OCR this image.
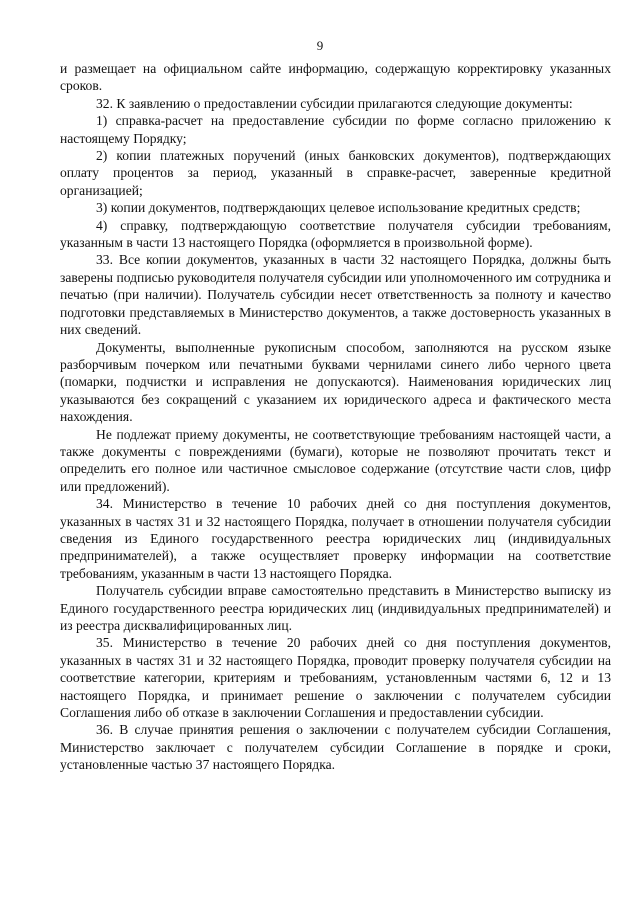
9

и размещает на официальном сайте информацию, содержащую корректировку указанных сроков.

32. К заявлению о предоставлении субсидии прилагаются следующие документы:

1) справка-расчет на предоставление субсидии по форме согласно приложению к настоящему Порядку;

2) копии платежных поручений (иных банковских документов), подтверждающих оплату процентов за период, указанный в справке-расчет, заверенные кредитной организацией;

3) копии документов, подтверждающих целевое использование кредитных средств;

4) справку, подтверждающую соответствие получателя субсидии требованиям, указанным в части 13 настоящего Порядка (оформляется в произвольной форме).

33. Все копии документов, указанных в части 32 настоящего Порядка, должны быть заверены подписью руководителя получателя субсидии или уполномоченного им сотрудника и печатью (при наличии). Получатель субсидии несет ответственность за полноту и качество подготовки представляемых в Министерство документов, а также достоверность указанных в них сведений.

Документы, выполненные рукописным способом, заполняются на русском языке разборчивым почерком или печатными буквами чернилами синего либо черного цвета (помарки, подчистки и исправления не допускаются). Наименования юридических лиц указываются без сокращений с указанием их юридического адреса и фактического места нахождения.

Не подлежат приему документы, не соответствующие требованиям настоящей части, а также документы с повреждениями (бумаги), которые не позволяют прочитать текст и определить его полное или частичное смысловое содержание (отсутствие части слов, цифр или предложений).

34. Министерство в течение 10 рабочих дней со дня поступления документов, указанных в частях 31 и 32 настоящего Порядка, получает в отношении получателя субсидии сведения из Единого государственного реестра юридических лиц (индивидуальных предпринимателей), а также осуществляет проверку информации на соответствие требованиям, указанным в части 13 настоящего Порядка.

Получатель субсидии вправе самостоятельно представить в Министерство выписку из Единого государственного реестра юридических лиц (индивидуальных предпринимателей) и из реестра дисквалифицированных лиц.

35. Министерство в течение 20 рабочих дней со дня поступления документов, указанных в частях 31 и 32 настоящего Порядка, проводит проверку получателя субсидии на соответствие категории, критериям и требованиям, установленным частями 6, 12 и 13 настоящего Порядка, и принимает решение о заключении с получателем субсидии Соглашения либо об отказе в заключении Соглашения и предоставлении субсидии.

36. В случае принятия решения о заключении с получателем субсидии Соглашения, Министерство заключает с получателем субсидии Соглашение в порядке и сроки, установленные частью 37 настоящего Порядка.
